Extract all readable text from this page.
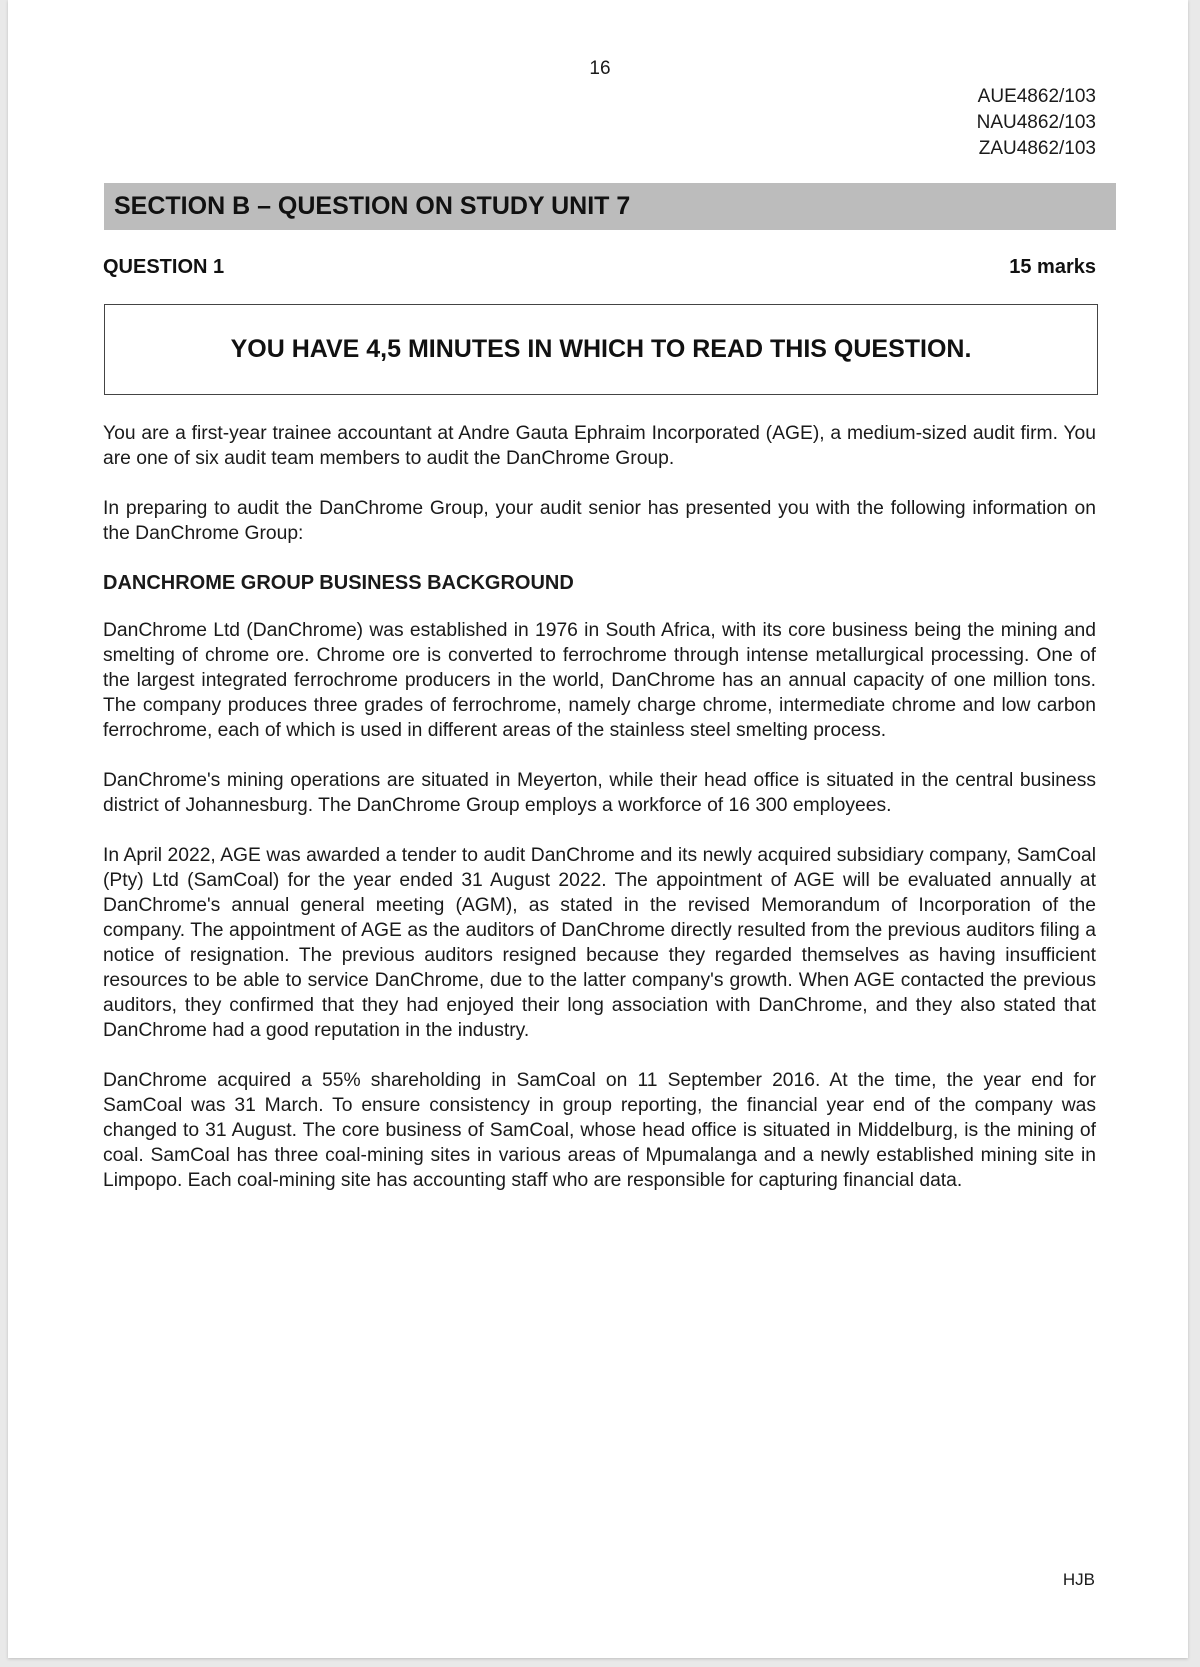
16
AUE4862/103
NAU4862/103
ZAU4862/103
SECTION B – QUESTION ON STUDY UNIT 7
QUESTION 1	15 marks
YOU HAVE 4,5 MINUTES IN WHICH TO READ THIS QUESTION.

You are a first-year trainee accountant at Andre Gauta Ephraim Incorporated (AGE), a medium-sized audit firm. You are one of six audit team members to audit the DanChrome Group.

In preparing to audit the DanChrome Group, your audit senior has presented you with the following information on the DanChrome Group:

DANCHROME GROUP BUSINESS BACKGROUND

DanChrome Ltd (DanChrome) was established in 1976 in South Africa, with its core business being the mining and smelting of chrome ore. Chrome ore is converted to ferrochrome through intense metallurgical processing. One of the largest integrated ferrochrome producers in the world, DanChrome has an annual capacity of one million tons. The company produces three grades of ferrochrome, namely charge chrome, intermediate chrome and low carbon ferrochrome, each of which is used in different areas of the stainless steel smelting process.

DanChrome's mining operations are situated in Meyerton, while their head office is situated in the central business district of Johannesburg. The DanChrome Group employs a workforce of 16 300 employees.

In April 2022, AGE was awarded a tender to audit DanChrome and its newly acquired subsidiary company, SamCoal (Pty) Ltd (SamCoal) for the year ended 31 August 2022. The appointment of AGE will be evaluated annually at DanChrome's annual general meeting (AGM), as stated in the revised Memorandum of Incorporation of the company. The appointment of AGE as the auditors of DanChrome directly resulted from the previous auditors filing a notice of resignation. The previous auditors resigned because they regarded themselves as having insufficient resources to be able to service DanChrome, due to the latter company's growth. When AGE contacted the previous auditors, they confirmed that they had enjoyed their long association with DanChrome, and they also stated that DanChrome had a good reputation in the industry.

DanChrome acquired a 55% shareholding in SamCoal on 11 September 2016. At the time, the year end for SamCoal was 31 March. To ensure consistency in group reporting, the financial year end of the company was changed to 31 August. The core business of SamCoal, whose head office is situated in Middelburg, is the mining of coal. SamCoal has three coal-mining sites in various areas of Mpumalanga and a newly established mining site in Limpopo. Each coal-mining site has accounting staff who are responsible for capturing financial data.

HJB
